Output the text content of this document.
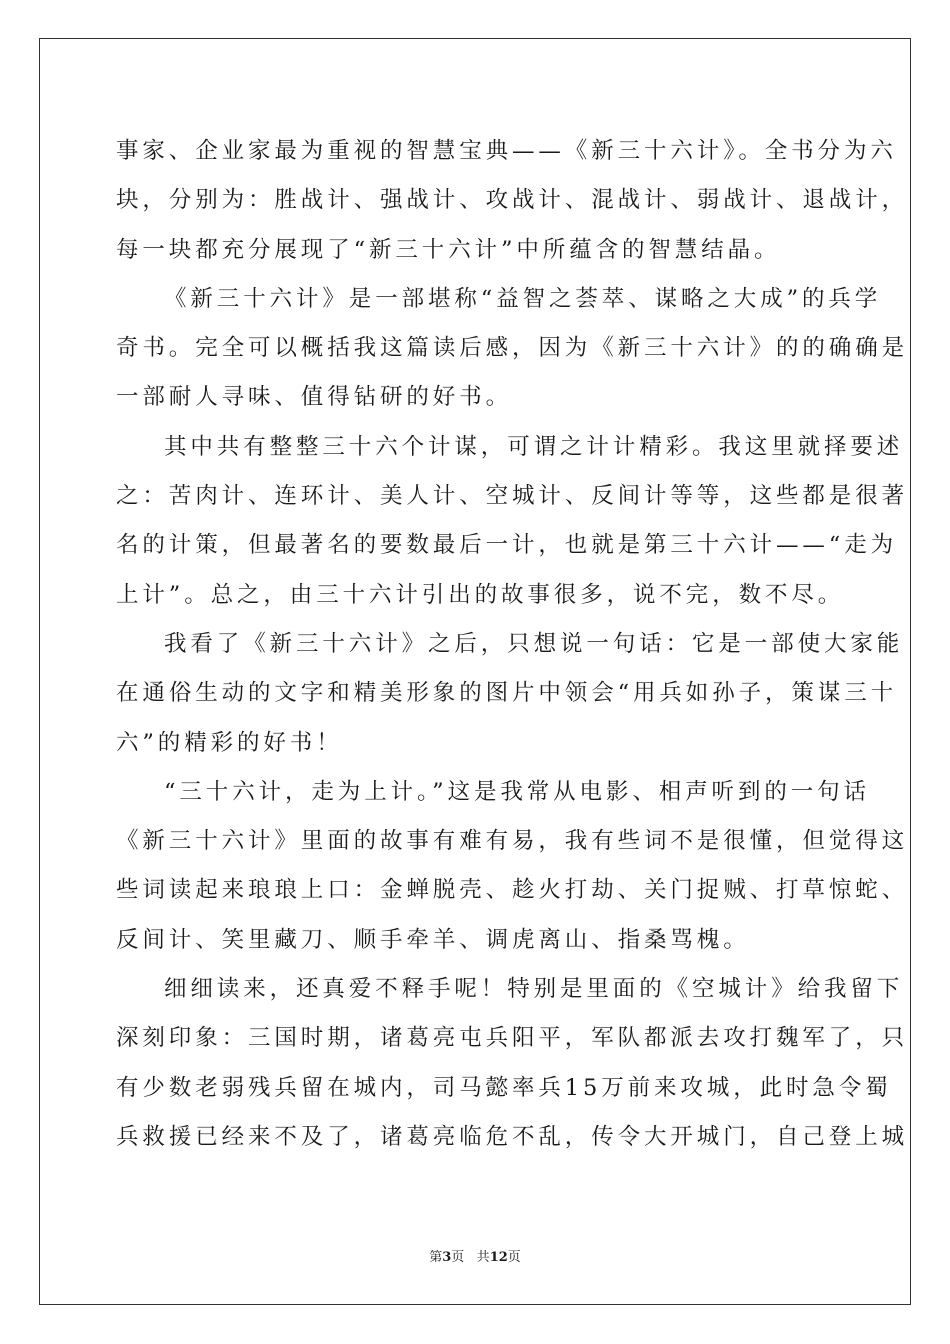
事家、企业家最为重视的智慧宝典——《新三十六计》。全书分为六
块，分别为：胜战计、强战计、攻战计、混战计、弱战计、退战计，
每一块都充分展现了“新三十六计”中所蕴含的智慧结晶。
《新三十六计》是一部堪称“益智之荟萃、谋略之大成”的兵学
奇书。完全可以概括我这篇读后感，因为《新三十六计》的的确确是
一部耐人寻味、值得钻研的好书。
其中共有整整三十六个计谋，可谓之计计精彩。我这里就择要述
之：苦肉计、连环计、美人计、空城计、反间计等等，这些都是很著
名的计策，但最著名的要数最后一计，也就是第三十六计——“走为
上计”。总之，由三十六计引出的故事很多，说不完，数不尽。
我看了《新三十六计》之后，只想说一句话：它是一部使大家能
在通俗生动的文字和精美形象的图片中领会“用兵如孙子，策谋三十
六”的精彩的好书！
“三十六计，走为上计。”这是我常从电影、相声听到的一句话
《新三十六计》里面的故事有难有易，我有些词不是很懂，但觉得这
些词读起来琅琅上口：金蝉脱壳、趁火打劫、关门捉贼、打草惊蛇、
反间计、笑里藏刀、顺手牵羊、调虎离山、指桑骂槐。
细细读来，还真爱不释手呢！特别是里面的《空城计》给我留下
深刻印象：三国时期，诸葛亮屯兵阳平，军队都派去攻打魏军了，只
有少数老弱残兵留在城内，司马懿率兵15万前来攻城，此时急令蜀
兵救援已经来不及了，诸葛亮临危不乱，传令大开城门，自己登上城
第3页 共12页
